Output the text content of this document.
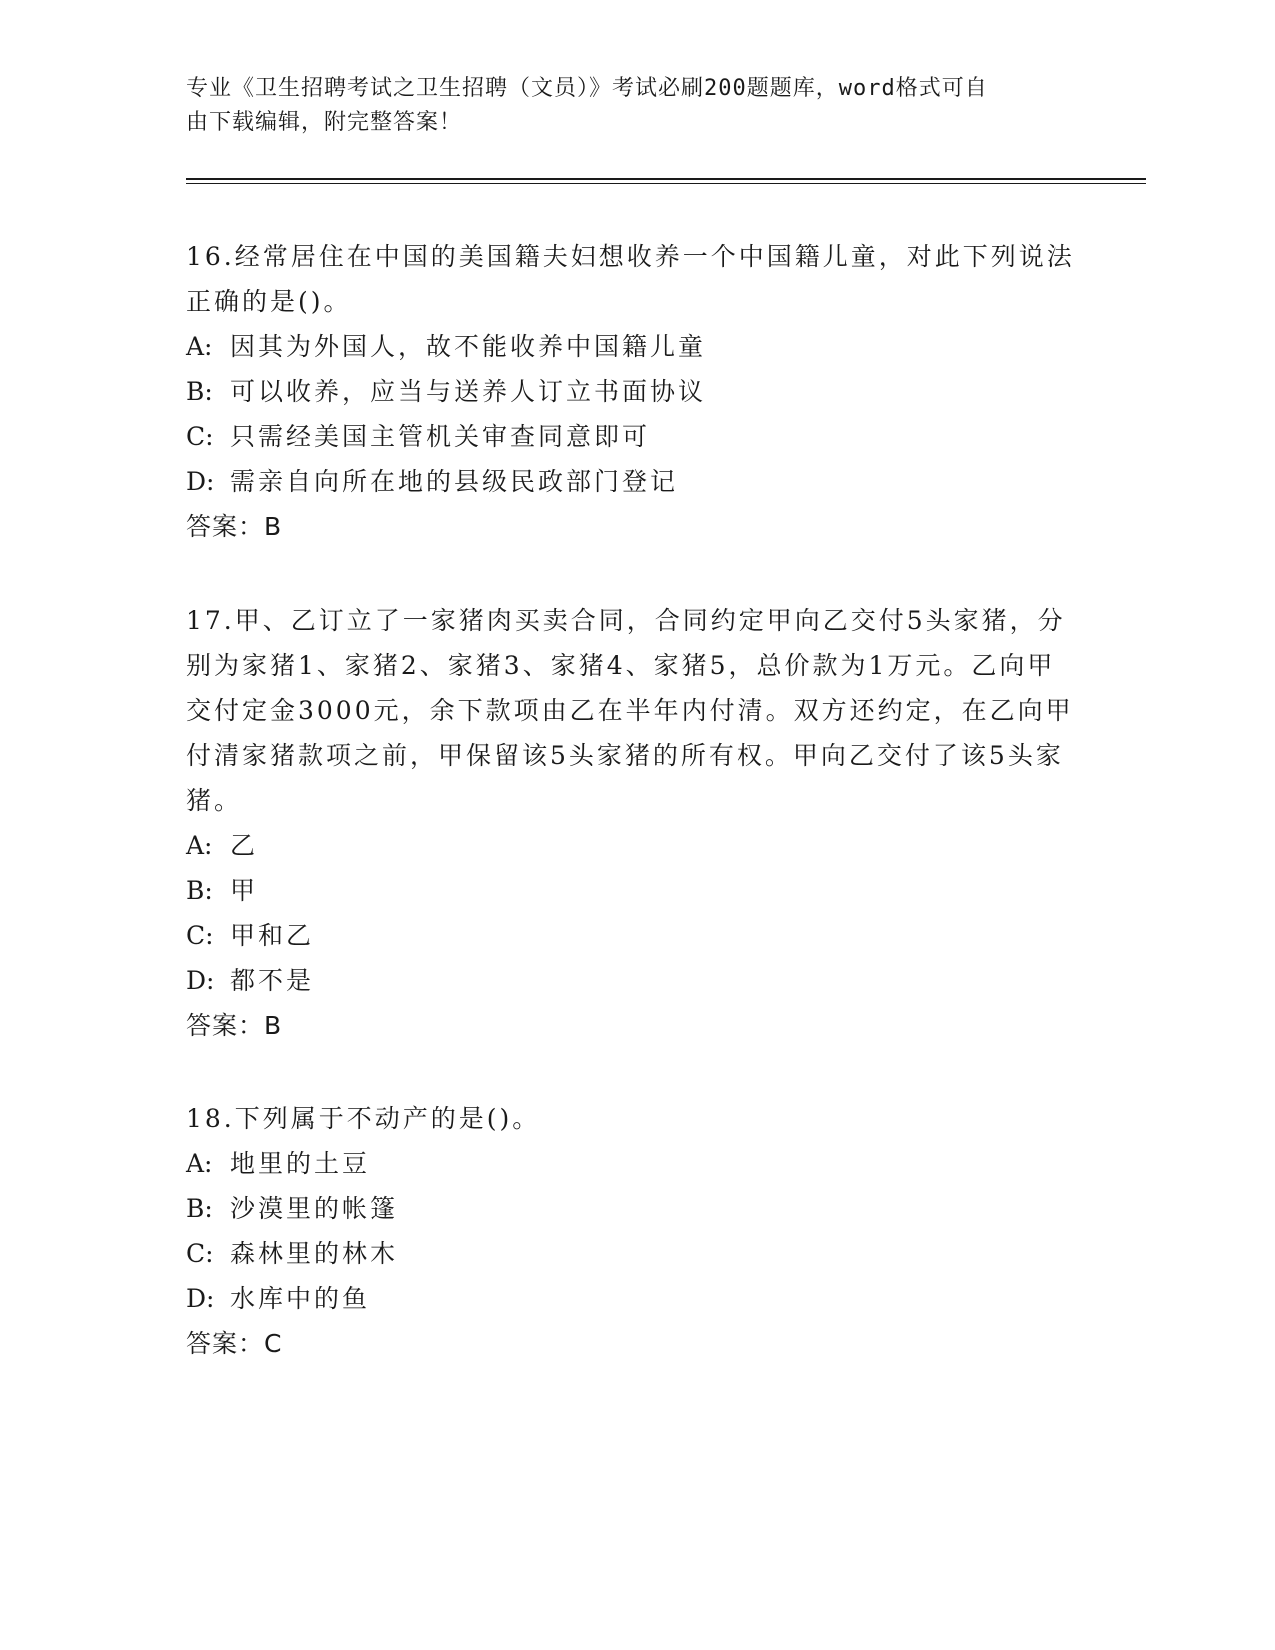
专业《卫生招聘考试之卫生招聘（文员）》考试必刷200题题库，word格式可自
由下载编辑，附完整答案！
16.经常居住在中国的美国籍夫妇想收养一个中国籍儿童，对此下列说法正确的是()。
A: 因其为外国人，故不能收养中国籍儿童
B: 可以收养，应当与送养人订立书面协议
C: 只需经美国主管机关审查同意即可
D: 需亲自向所在地的县级民政部门登记
答案：B
17.甲、乙订立了一家猪肉买卖合同，合同约定甲向乙交付5头家猪，分别为家猪1、家猪2、家猪3、家猪4、家猪5，总价款为1万元。乙向甲交付定金3000元，余下款项由乙在半年内付清。双方还约定，在乙向甲付清家猪款项之前，甲保留该5头家猪的所有权。甲向乙交付了该5头家猪。
A: 乙
B: 甲
C: 甲和乙
D: 都不是
答案：B
18.下列属于不动产的是()。
A: 地里的土豆
B: 沙漠里的帐篷
C: 森林里的林木
D: 水库中的鱼
答案：C
